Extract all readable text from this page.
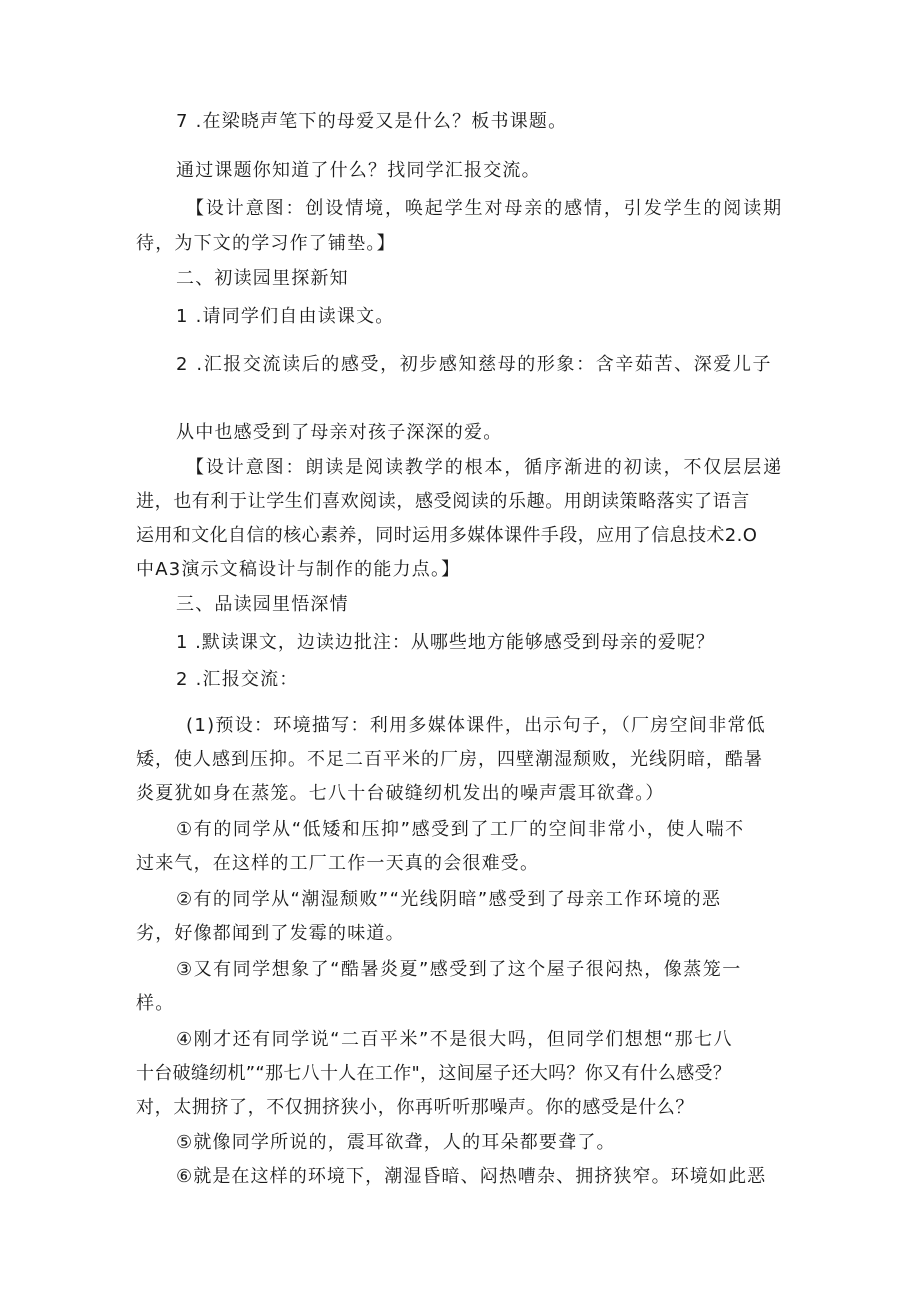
7 .在梁晓声笔下的母爱又是什么？板书课题。

通过课题你知道了什么？找同学汇报交流。

【设计意图：创设情境，唤起学生对母亲的感情，引发学生的阅读期

待，为下文的学习作了铺垫。】

二、初读园里探新知

1 .请同学们自由读课文。

2 .汇报交流读后的感受，初步感知慈母的形象：含辛茹苦、深爱儿子

从中也感受到了母亲对孩子深深的爱。

【设计意图：朗读是阅读教学的根本，循序渐进的初读，不仅层层递

进，也有利于让学生们喜欢阅读，感受阅读的乐趣。用朗读策略落实了语言

运用和文化自信的核心素养，同时运用多媒体课件手段，应用了信息技术2.O

中A3演示文稿设计与制作的能力点。】

三、品读园里悟深情

1 .默读课文，边读边批注：从哪些地方能够感受到母亲的爱呢？

2 .汇报交流：

(1)预设：环境描写：利用多媒体课件，出示句子，（厂房空间非常低

矮，使人感到压抑。不足二百平米的厂房，四壁潮湿颓败，光线阴暗，酷暑

炎夏犹如身在蒸笼。七八十台破缝纫机发出的噪声震耳欲聋。）

①有的同学从“低矮和压抑”感受到了工厂的空间非常小，使人喘不

过来气，在这样的工厂工作一天真的会很难受。

②有的同学从“潮湿颓败”“光线阴暗”感受到了母亲工作环境的恶

劣，好像都闻到了发霉的味道。

③又有同学想象了“酷暑炎夏”感受到了这个屋子很闷热，像蒸笼一

样。

④刚才还有同学说“二百平米”不是很大吗，但同学们想想“那七八

十台破缝纫机”“那七八十人在工作"，这间屋子还大吗？你又有什么感受？

对，太拥挤了，不仅拥挤狭小，你再听听那噪声。你的感受是什么？

⑤就像同学所说的，震耳欲聋，人的耳朵都要聋了。

⑥就是在这样的环境下，潮湿昏暗、闷热嘈杂、拥挤狭窄。环境如此恶
